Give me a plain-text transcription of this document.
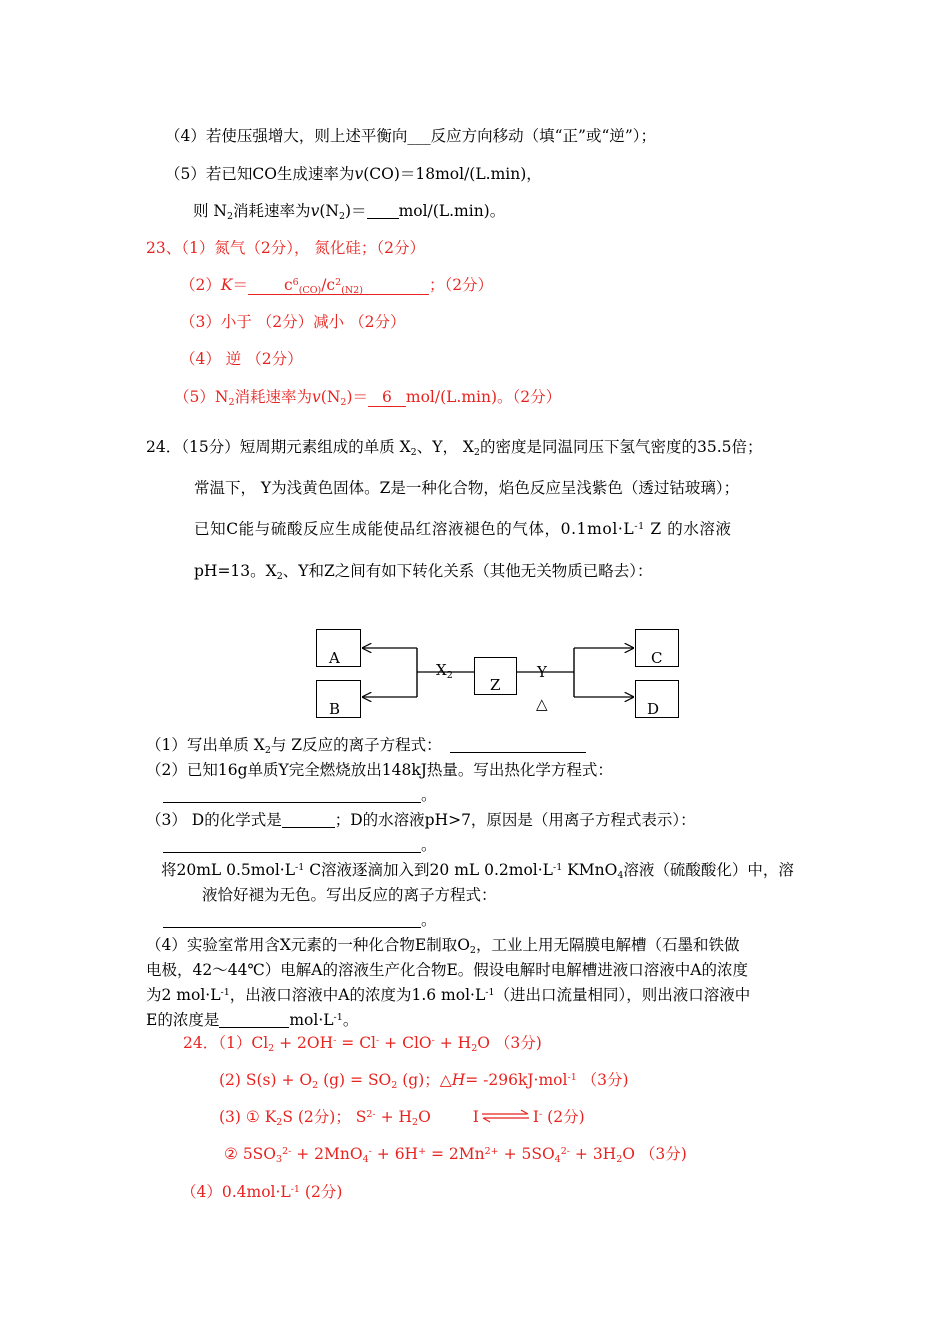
（4）若使压强增大，则上述平衡向___反应方向移动（填“正”或“逆”）；
（5）若已知CO生成速率为v(CO)＝18mol/(L.min)，
则 $N_2$消耗速率为$v(N_2)= mol/(L.\min)$。
23、（1）氮气（2分）， 氮化硅；（2分）
$(2)K= c^6_{(CO)}/c^2_{(N2)}$	；（2分）
（3）小于 （2分）减小 （2分）
（4） 逆 （2分）
$(5)N_2$消耗速率为$v(N_2)= 6$ mol/(L.min)。（2分）
24．（15分）短周期元素组成的单质 $X_2$、Y， $X_2$的密度是同温同压下氢气密度的35.5倍；
常温下， Y为浅黄色固体。Z是一种化合物，焰色反应呈浅紫色（透过钴玻璃）；
已知C能与硫酸反应生成能使品红溶液褪色的气体，$0.1mol\cdot L^{-1}$ Z 的水溶液
pH=13。$X_2$、Y和Z之间有如下转化关系（其他无关物质已略去）：
A
B
Z
C
D
$X_2$	Y
△
（1）写出单质 $X_2$与 Z反应的离子方程式：
（2）已知16g单质Y完全燃烧放出148kJ热量。写出热化学方程式：
。
（3） D的化学式是	；D的水溶液pH>7，原因是（用离子方程式表示）：
。
将20mL $0.5mol\cdot L^{-1}$ C溶液逐滴加入到20 mL $0.2mol\cdot L^{-1}$ KMnO$_4$溶液（硫酸酸化）中，溶
液恰好褪为无色。写出反应的离子方程式：
。
（4）实验室常用含X元素的一种化合物E制取$O_2$，工业上用无隔膜电解槽（石墨和铁做
电极，42～44℃）电解A的溶液生产化合物E。假设电解时电解槽进液口溶液中A的浓度
为2 $mol\cdot L^{-1}$，出液口溶液中A的浓度为1.6 $mol\cdot L^{-1}$（进出口流量相同），则出液口溶液中
E的浓度是	$mol\cdot L^{-1}$。
24．$(1)Cl_2 + 2OH^- = Cl^- + ClO^- + H_2O$ （3分)
(2) $S(s) + O_2$ $(g) = SO_2$ (g)；△H= -296kJ·mol$^{-1}$ （3分)
(3) ① $K_2S$ (2分)； $S^{2-} + H_2O$	I ⇌ I- (2分)
② $5SO_3^{2-} + 2MnO_4^- + 6H^+ = 2Mn^{2+} + 5SO_4^{2-} + 3H_2O$ （3分)
$(4)0.4mol\cdot L^{-1}$ (2分)
